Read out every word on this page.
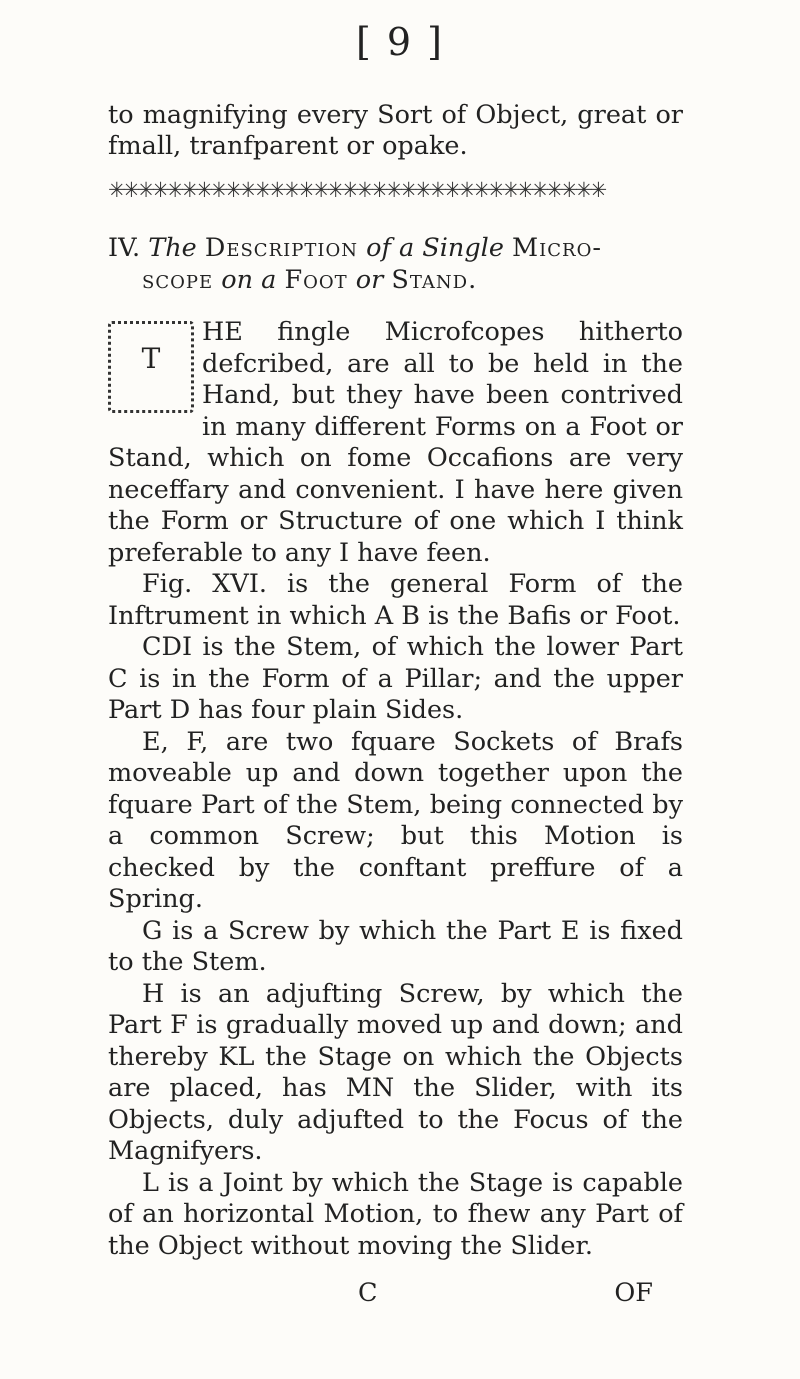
[ 9 ]

to magnifying every Sort of Object, great or fmall, tranfparent or opake.

✳✳✳✳✳✳✳✳✳✳✳✳✳✳✳✳✳✳✳✳✳✳✳✳✳✳✳✳✳✳✳✳✳✳
IV. The Description of a Single Micro-
scope on a Foot or Stand.
T

HE fingle Microfcopes hitherto defcribed, are all to be held in the Hand, but they have been contrived in many different Forms on a Foot or Stand, which on fome Occafions are very neceffary and convenient. I have here given the Form or Structure of one which I think preferable to any I have feen.

Fig. XVI. is the general Form of the Inftrument in which A B is the Bafis or Foot.

CDI is the Stem, of which the lower Part C is in the Form of a Pillar; and the upper Part D has four plain Sides.

E, F, are two fquare Sockets of Brafs moveable up and down together upon the fquare Part of the Stem, being connected by a common Screw; but this Motion is checked by the conftant preffure of a Spring.

G is a Screw by which the Part E is fixed to the Stem.

H is an adjufting Screw, by which the Part F is gradually moved up and down; and thereby KL the Stage on which the Objects are placed, has MN the Slider, with its Objects, duly adjufted to the Focus of the Magnifyers.

L is a Joint by which the Stage is capable of an horizontal Motion, to fhew any Part of the Object without moving the Slider.

C	OF
